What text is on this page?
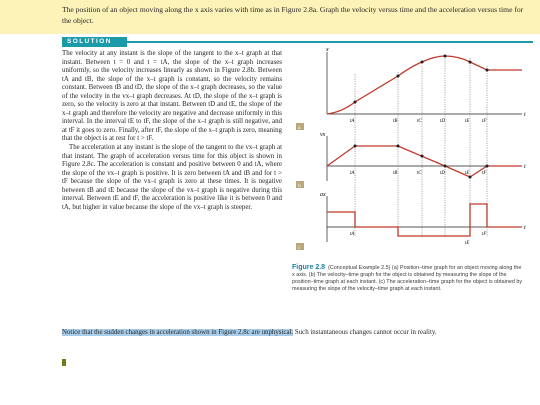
The position of an object moving along the x axis varies with time as in Figure 2.8a. Graph the velocity versus time and the acceleration versus time for the object.

SOLUTION

The velocity at any instant is the slope of the tangent to the x–t graph at that instant. Between t = 0 and t = tA, the slope of the x–t graph increases uniformly, so the velocity increases linearly as shown in Figure 2.8b. Between tA and tB, the slope of the x–t graph is constant, so the velocity remains constant. Between tB and tD, the slope of the x–t graph decreases, so the value of the velocity in the vx–t graph decreases. At tD, the slope of the x–t graph is zero, so the velocity is zero at that instant. Between tD and tE, the slope of the x–t graph and therefore the velocity are negative and decrease uniformly in this interval. In the interval tE to tF, the slope of the x–t graph is still negative, and at tF it goes to zero. Finally, after tF, the slope of the x–t graph is zero, meaning that the object is at rest for t > tF.

The acceleration at any instant is the slope of the tangent to the vx–t graph at that instant. The graph of acceleration versus time for this object is shown in Figure 2.8c. The acceleration is constant and positive between 0 and tA, where the slope of the vx–t graph is positive. It is zero between tA and tB and for t > tF because the slope of the vx–t graph is zero at these times. It is negative between tB and tE because the slope of the vx–t graph is negative during this interval. Between tE and tF, the acceleration is positive like it is between 0 and tA, but higher in value because the slope of the vx–t graph is steeper.

Notice that the sudden changes in acceleration shown in Figure 2.8c are unphysical. Such instantaneous changes cannot occur in reality.
x
t
tA	tB	tC	tD	tE	tF
a
vx
t
tA	tB	tC	tD	tE	tF
b
ax
t
tA
tE
tF
c
Figure 2.8 (Conceptual Example 2.5) (a) Position–time graph for an object moving along the x axis. (b) The velocity–time graph for the object is obtained by measuring the slope of the position–time graph at each instant. (c) The acceleration–time graph for the object is obtained by measuring the slope of the velocity–time graph at each instant.
